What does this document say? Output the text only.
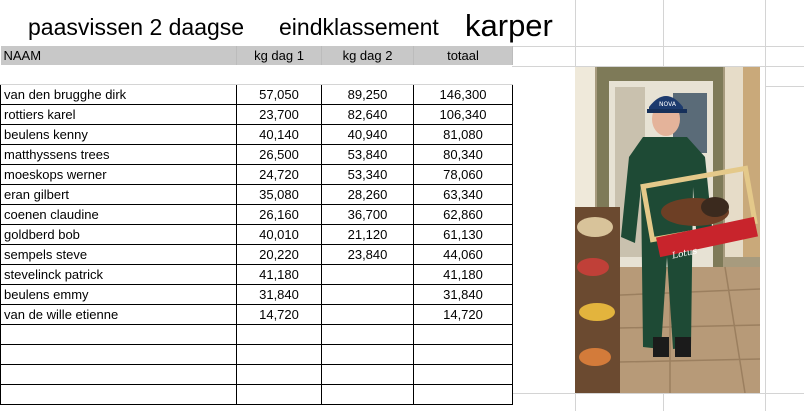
paasvissen 2 daagse eindklassement karper
NAAM	kg dag 1	kg dag 2	totaal

van den brugghe dirk	57,050	89,250	146,300
rottiers karel	23,700	82,640	106,340
beulens kenny	40,140	40,940	81,080
matthyssens trees	26,500	53,840	80,340
moeskops werner	24,720	53,340	78,060
eran gilbert	35,080	28,260	63,340
coenen claudine	26,160	36,700	62,860
goldberd bob	40,010	21,120	61,130
sempels steve	20,220	23,840	44,060
stevelinck patrick	41,180		41,180
beulens emmy	31,840		31,840
van de wille etienne	14,720		14,720

NOVA
Lotus
